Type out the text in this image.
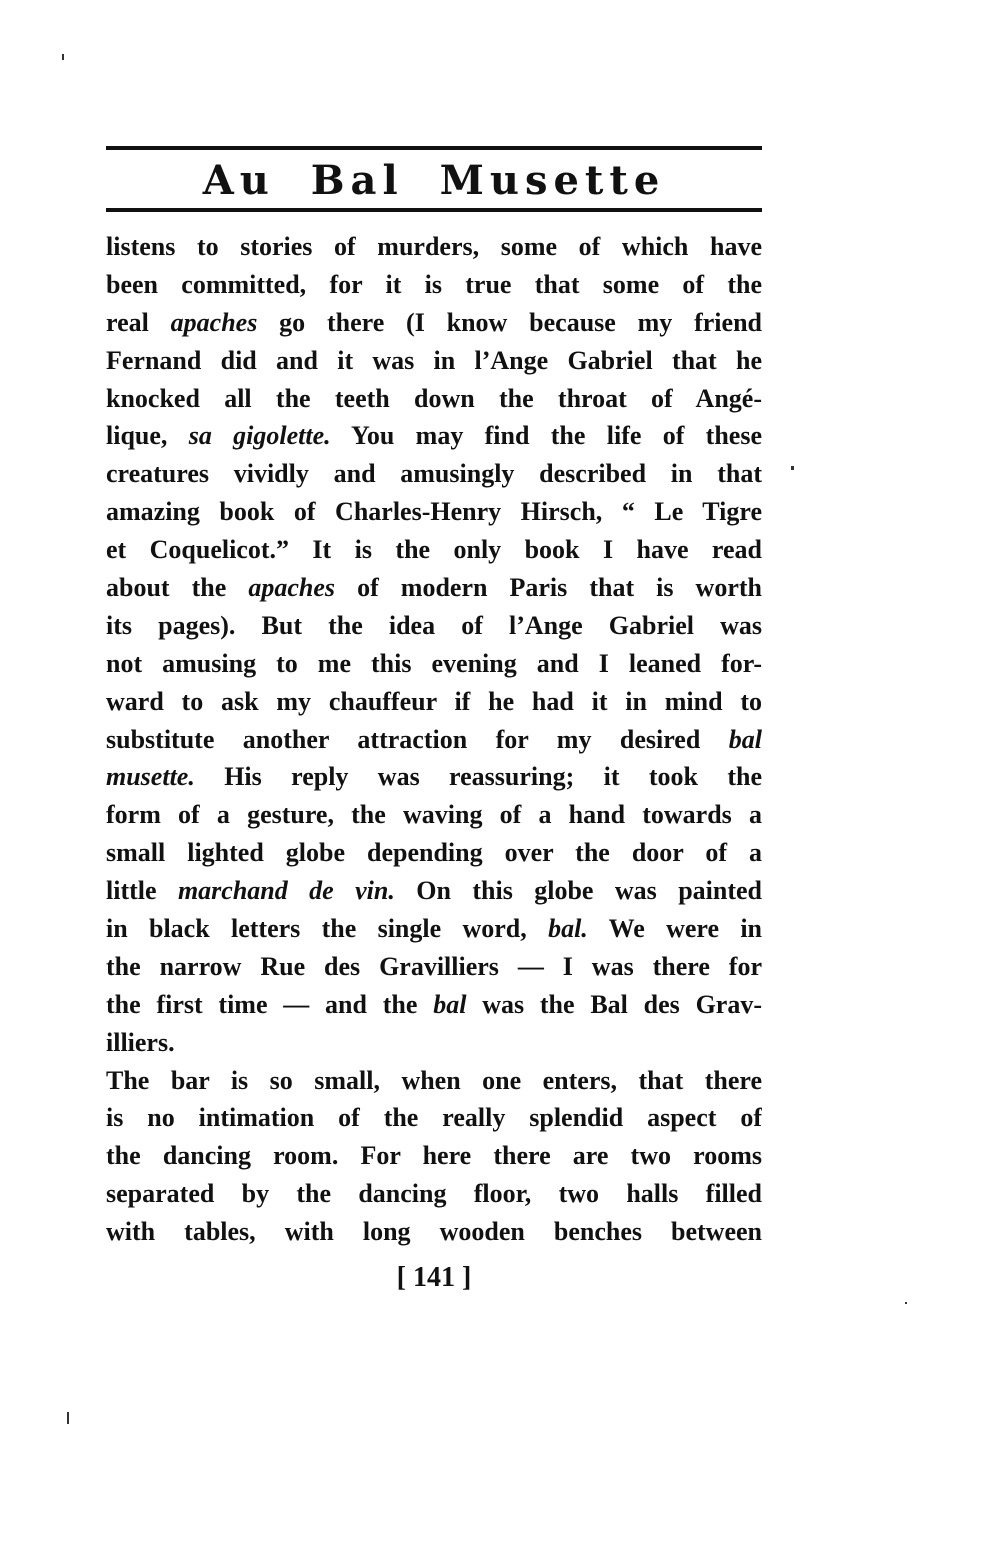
Au Bal Musette
listens to stories of murders, some of which have
been committed, for it is true that some of the
real apaches go there (I know because my friend
Fernand did and it was in l’Ange Gabriel that he
knocked all the teeth down the throat of Angé-
lique, sa gigolette. You may find the life of these
creatures vividly and amusingly described in that
amazing book of Charles-Henry Hirsch, “ Le Tigre
et Coquelicot.” It is the only book I have read
about the apaches of modern Paris that is worth
its pages). But the idea of l’Ange Gabriel was
not amusing to me this evening and I leaned for-
ward to ask my chauffeur if he had it in mind to
substitute another attraction for my desired bal
musette. His reply was reassuring; it took the
form of a gesture, the waving of a hand towards a
small lighted globe depending over the door of a
little marchand de vin. On this globe was painted
in black letters the single word, bal. We were in
the narrow Rue des Gravilliers — I was there for
the first time — and the bal was the Bal des Grav-
illiers.
The bar is so small, when one enters, that there
is no intimation of the really splendid aspect of
the dancing room. For here there are two rooms
separated by the dancing floor, two halls filled
with tables, with long wooden benches between
[ 141 ]
